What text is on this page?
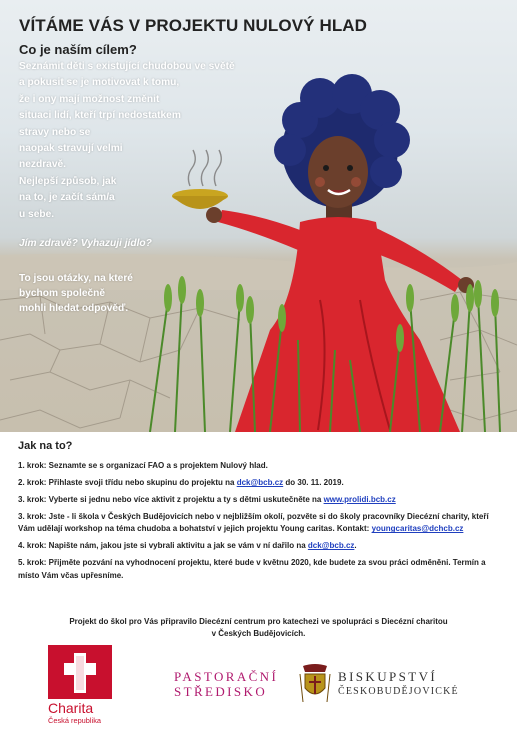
VÍTÁME VÁS V PROJEKTU NULOVÝ HLAD
Co je naším cílem?
Seznámit děti s existující chudobou ve světě
a pokusit se je motivovat k tomu,
že i ony mají možnost změnit
situaci lidí, kteří trpí nedostatkem
stravy nebo se
naopak stravují velmi
nezdravě.
Nejlepší způsob, jak
na to, je začít sám/a
u sebe.
Jím zdravě? Vyhazuji jídlo?
To jsou otázky, na které
bychom společně
mohli hledat odpověď.
Jak na to?
1. krok: Seznamte se s organizací FAO a s projektem Nulový hlad.
2. krok: Přihlaste svoji třídu nebo skupinu do projektu na dck@bcb.cz do 30. 11. 2019.
3. krok: Vyberte si jednu nebo více aktivit z projektu a ty s dětmi uskutečněte na www.prolidi.bcb.cz
3. krok: Jste - li škola v Českých Budějovicích nebo v nejbližším okolí, pozvěte si do školy pracovníky Diecézní charity, kteří Vám udělají workshop na téma chudoba a bohatství v jejich projektu Young caritas. Kontakt: youngcaritas@dchcb.cz
4. krok: Napište nám, jakou jste si vybrali aktivitu a jak se vám v ní dařilo na dck@bcb.cz.
5. krok: Přijměte pozvání na vyhodnocení projektu, které bude v květnu 2020, kde budete za svou práci odměněni. Termín a místo Vám včas upřesníme.
Projekt do škol pro Vás připravilo Diecézní centrum pro katechezi ve spolupráci s Diecézní charitou
v Českých Budějovicích.
Charita
Česká republika
PASTORAČNÍ
STŘEDISKO
BISKUPSTVÍ
ČESKOBUDĚJOVICKÉ
